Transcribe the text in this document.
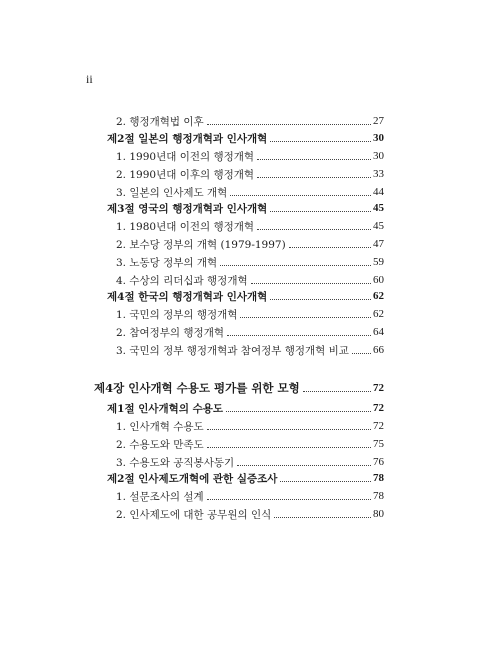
ii
2. 행정개혁법 이후	27
제2절 일본의 행정개혁과 인사개혁	30
1. 1990년대 이전의 행정개혁	30
2. 1990년대 이후의 행정개혁	33
3. 일본의 인사제도 개혁	44
제3절 영국의 행정개혁과 인사개혁	45
1. 1980년대 이전의 행정개혁	45
2. 보수당 정부의 개혁 (1979-1997)	47
3. 노동당 정부의 개혁	59
4. 수상의 리더십과 행정개혁	60
제4절 한국의 행정개혁과 인사개혁	62
1. 국민의 정부의 행정개혁	62
2. 참여정부의 행정개혁	64
3. 국민의 정부 행정개혁과 참여정부 행정개혁 비교 66
제4장 인사개혁 수용도 평가를 위한 모형	72
제1절 인사개혁의 수용도	72
1. 인사개혁 수용도	72
2. 수용도와 만족도	75
3. 수용도와 공직봉사동기	76
제2절 인사제도개혁에 관한 실증조사	78
1. 설문조사의 설계	78
2. 인사제도에 대한 공무원의 인식	80
